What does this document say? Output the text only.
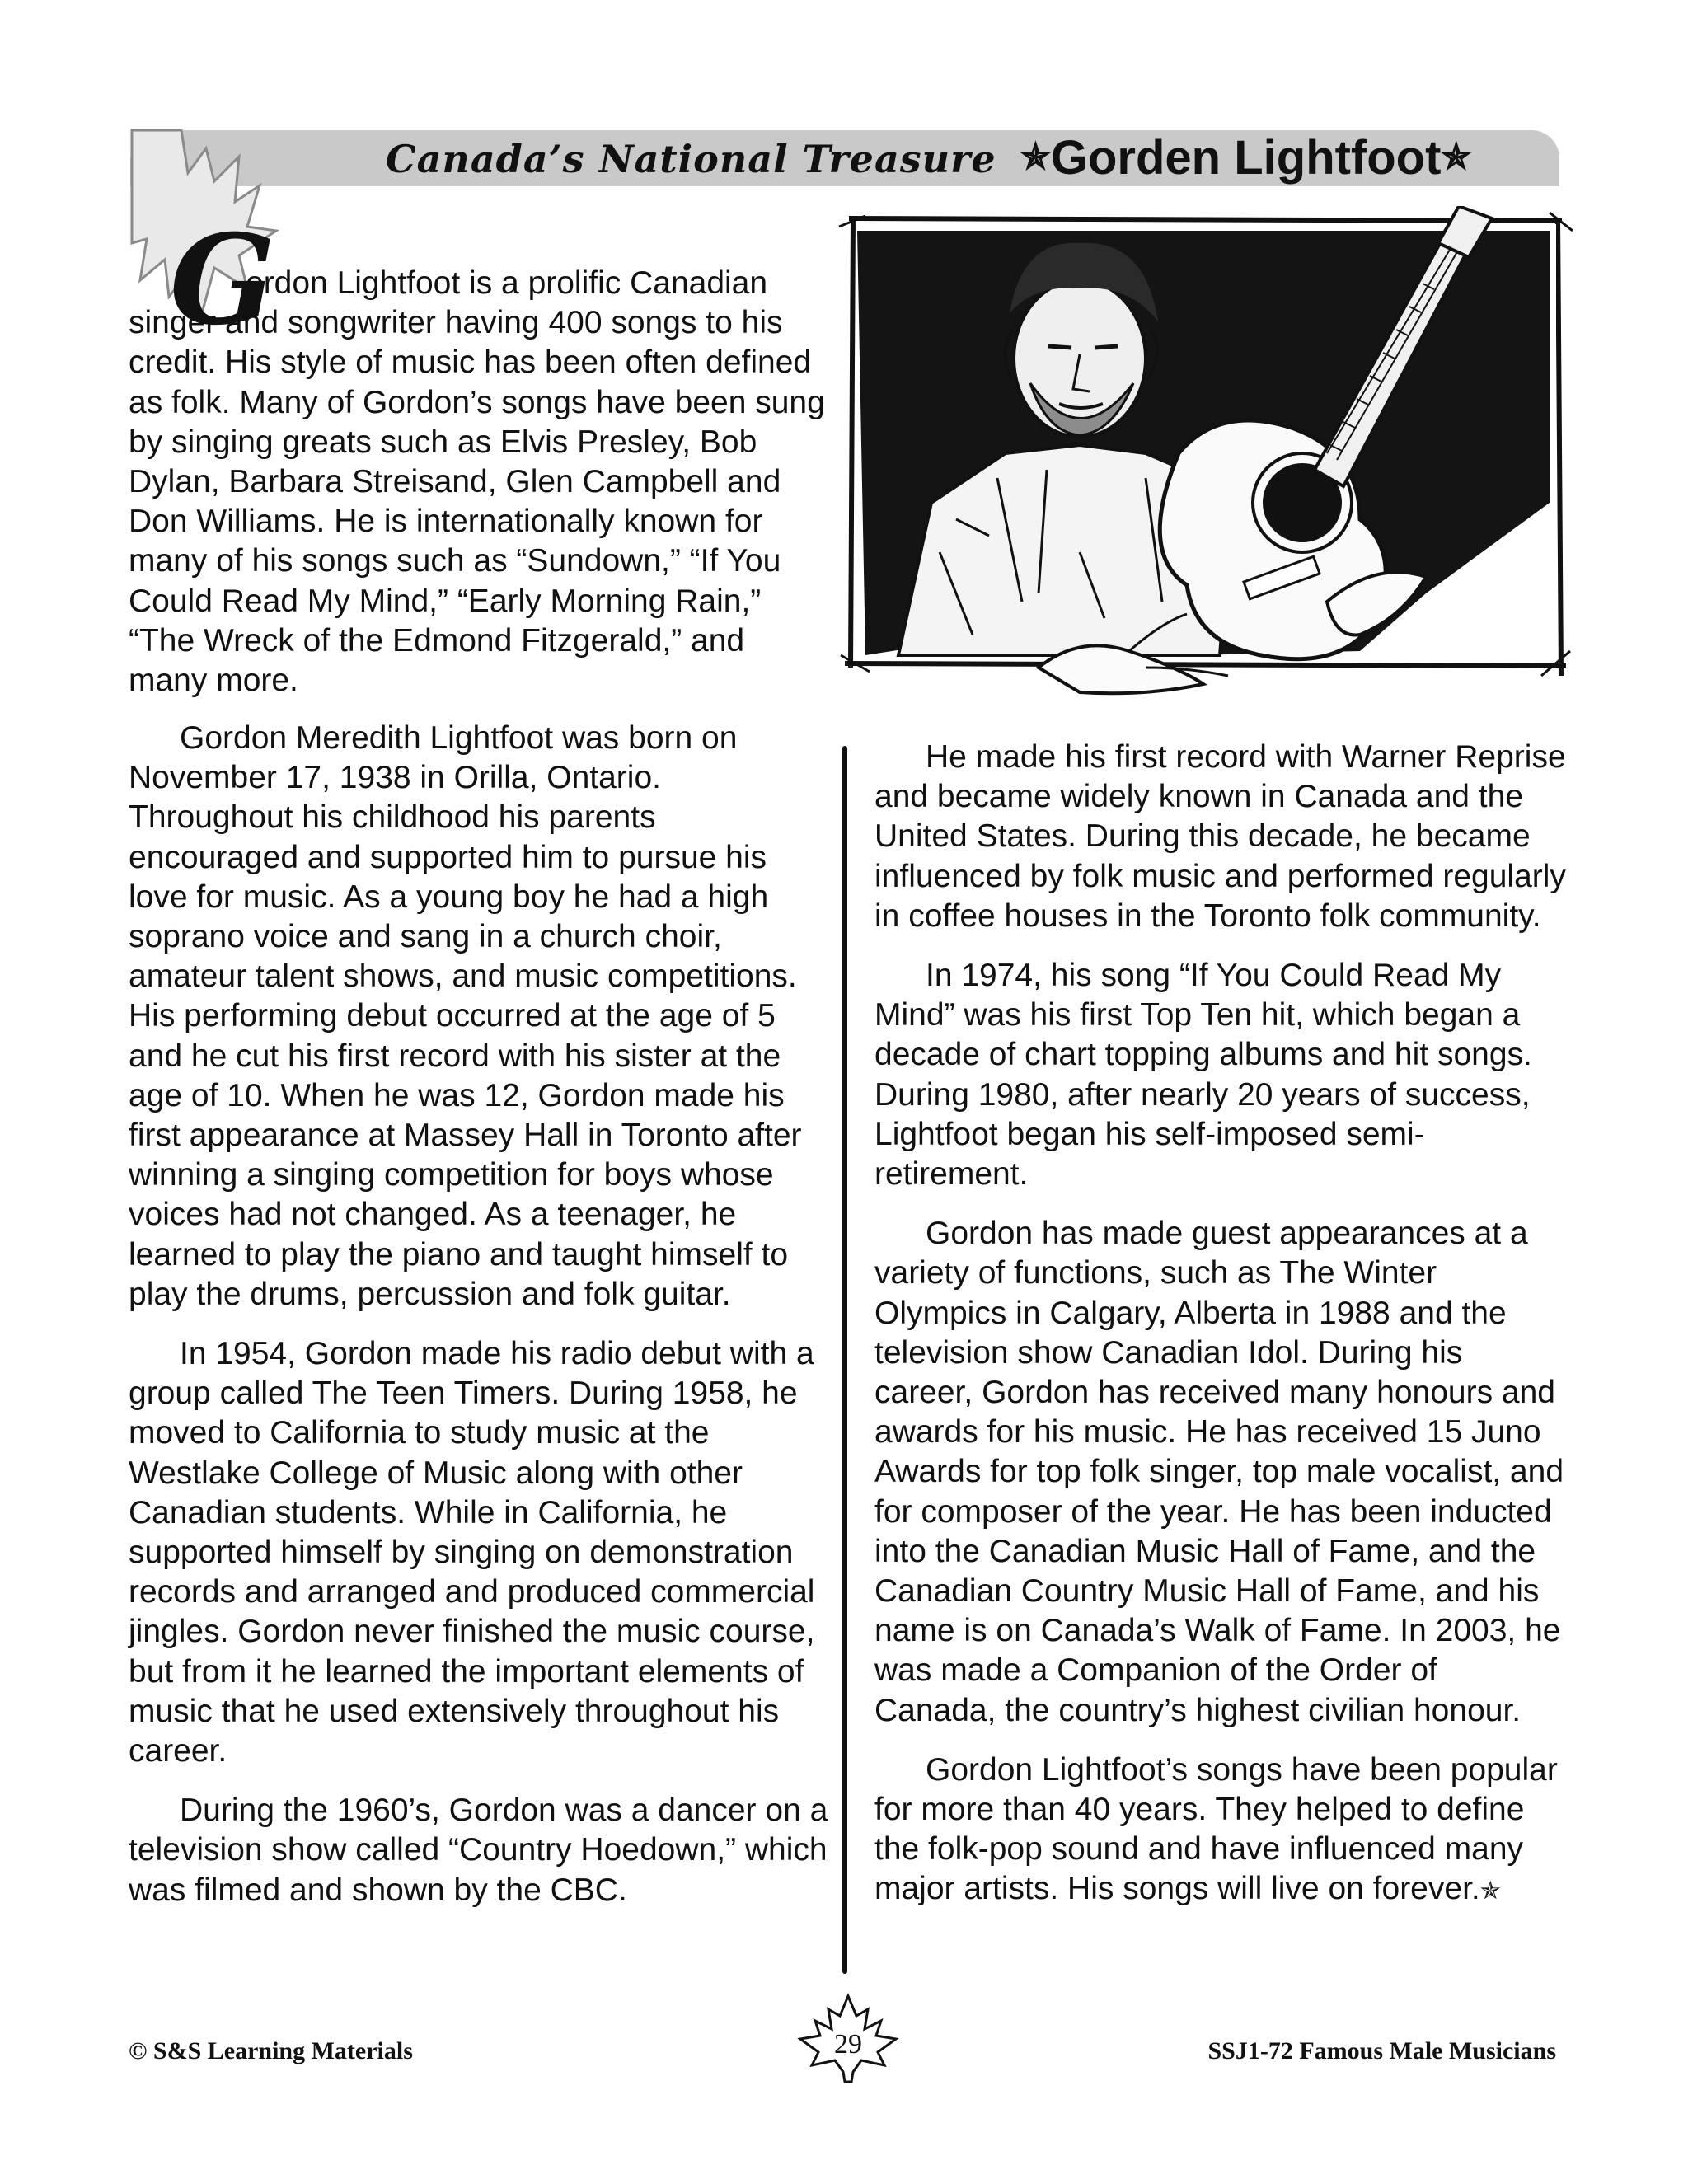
Canada’s National Treasure ✯Gorden Lightfoot✯
G

ordon Lightfoot is a prolific Canadian singer and songwriter having 400 songs to his credit. His style of music has been often defined as folk. Many of Gordon’s songs have been sung by singing greats such as Elvis Presley, Bob Dylan, Barbara Streisand, Glen Campbell and Don Williams. He is internationally known for many of his songs such as “Sundown,” “If You Could Read My Mind,” “Early Morning Rain,” “The Wreck of the Edmond Fitzgerald,” and many more.

Gordon Meredith Lightfoot was born on November 17, 1938 in Orilla, Ontario. Throughout his childhood his parents encouraged and supported him to pursue his love for music. As a young boy he had a high soprano voice and sang in a church choir, amateur talent shows, and music competitions. His performing debut occurred at the age of 5 and he cut his first record with his sister at the age of 10. When he was 12, Gordon made his first appearance at Massey Hall in Toronto after winning a singing competition for boys whose voices had not changed. As a teenager, he learned to play the piano and taught himself to play the drums, percussion and folk guitar.

In 1954, Gordon made his radio debut with a group called The Teen Timers. During 1958, he moved to California to study music at the Westlake College of Music along with other Canadian students. While in California, he supported himself by singing on demonstration records and arranged and produced commercial jingles. Gordon never finished the music course, but from it he learned the important elements of music that he used extensively throughout his career.

During the 1960’s, Gordon was a dancer on a television show called “Country Hoedown,” which was filmed and shown by the CBC.

He made his first record with Warner Reprise and became widely known in Canada and the United States. During this decade, he became influenced by folk music and performed regularly in coffee houses in the Toronto folk community.

In 1974, his song “If You Could Read My Mind” was his first Top Ten hit, which began a decade of chart topping albums and hit songs. During 1980, after nearly 20 years of success, Lightfoot began his self-imposed semi-retirement.

Gordon has made guest appearances at a variety of functions, such as The Winter Olympics in Calgary, Alberta in 1988 and the television show Canadian Idol. During his career, Gordon has received many honours and awards for his music. He has received 15 Juno Awards for top folk singer, top male vocalist, and for composer of the year. He has been inducted into the Canadian Music Hall of Fame, and the Canadian Country Music Hall of Fame, and his name is on Canada’s Walk of Fame. In 2003, he was made a Companion of the Order of Canada, the country’s highest civilian honour.

Gordon Lightfoot’s songs have been popular for more than 40 years. They helped to define the folk-pop sound and have influenced many major artists. His songs will live on forever.✯

© S&S Learning Materials	29	SSJ1-72 Famous Male Musicians
